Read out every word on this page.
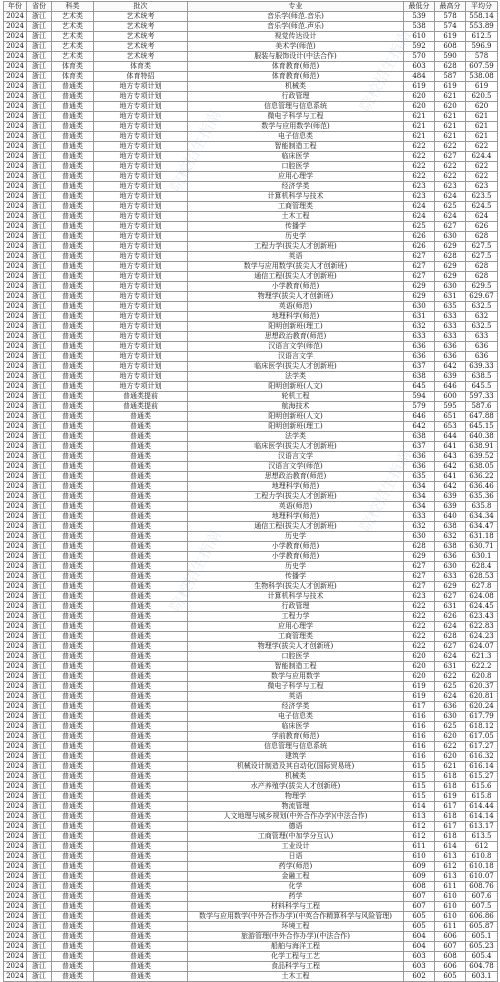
院校招生指南
院校招生指南
院校招生指南
院校招生指南
年份	省份	科类	批次	专业	最低分	最高分	平均分
2024	浙江	艺术类	艺术统考	音乐学(师范.音乐)	539	578	558.14
2024	浙江	艺术类	艺术统考	音乐学(师范.声乐)	538	574	553.89
2024	浙江	艺术类	艺术统考	视觉传达设计	610	619	612.5
2024	浙江	艺术类	艺术统考	美术学(师范)	592	608	596.9
2024	浙江	艺术类	艺术统考	服装与服饰设计(中法合作)	570	590	578
2024	浙江	体育类	体育类	体育教育(师范)	603	628	607.59
2024	浙江	体育类	体育特招	体育教育(师范)	484	587	538.08
2024	浙江	普通类	地方专项计划	机械类	619	619	619
2024	浙江	普通类	地方专项计划	行政管理	620	621	620.5
2024	浙江	普通类	地方专项计划	信息管理与信息系统	620	620	620
2024	浙江	普通类	地方专项计划	微电子科学与工程	621	621	621
2024	浙江	普通类	地方专项计划	数学与应用数学(师范)	621	621	621
2024	浙江	普通类	地方专项计划	电子信息类	621	621	621
2024	浙江	普通类	地方专项计划	智能制造工程	622	622	622
2024	浙江	普通类	地方专项计划	临床医学	622	627	624.4
2024	浙江	普通类	地方专项计划	口腔医学	622	622	622
2024	浙江	普通类	地方专项计划	应用心理学	622	622	622
2024	浙江	普通类	地方专项计划	经济学类	623	623	623
2024	浙江	普通类	地方专项计划	计算机科学与技术	623	624	623.5
2024	浙江	普通类	地方专项计划	工商管理类	624	625	624.5
2024	浙江	普通类	地方专项计划	土木工程	624	624	624
2024	浙江	普通类	地方专项计划	传播学	625	627	626
2024	浙江	普通类	地方专项计划	历史学	626	630	628
2024	浙江	普通类	地方专项计划	工程力学(拔尖人才创新班)	626	629	627.5
2024	浙江	普通类	地方专项计划	英语	627	628	627.5
2024	浙江	普通类	地方专项计划	数学与应用数学(拔尖人才创新班)	627	629	628
2024	浙江	普通类	地方专项计划	通信工程(拔尖人才创新班)	627	629	628
2024	浙江	普通类	地方专项计划	小学教育(师范)	629	630	629.5
2024	浙江	普通类	地方专项计划	物理学(拔尖人才创新班)	629	631	629.67
2024	浙江	普通类	地方专项计划	英语(师范)	630	635	632.5
2024	浙江	普通类	地方专项计划	地理科学(师范)	631	633	632
2024	浙江	普通类	地方专项计划	阳明创新班(理工)	632	633	632.5
2024	浙江	普通类	地方专项计划	思想政治教育(师范)	633	633	633
2024	浙江	普通类	地方专项计划	汉语言文学(师范)	636	636	636
2024	浙江	普通类	地方专项计划	汉语言文学	636	636	636
2024	浙江	普通类	地方专项计划	临床医学(拔尖人才创新班)	637	642	639.33
2024	浙江	普通类	地方专项计划	法学类	638	639	638.5
2024	浙江	普通类	地方专项计划	阳明创新班(人文)	645	646	645.5
2024	浙江	普通类	普通类提前	轮机工程	594	600	597.33
2024	浙江	普通类	普通类提前	航海技术	579	595	587.6
2024	浙江	普通类	普通类	阳明创新班(人文)	646	651	647.88
2024	浙江	普通类	普通类	阳明创新班(理工)	642	653	645.15
2024	浙江	普通类	普通类	法学类	638	644	640.38
2024	浙江	普通类	普通类	临床医学(拔尖人才创新班)	637	641	638.91
2024	浙江	普通类	普通类	汉语言文学	636	643	639.52
2024	浙江	普通类	普通类	汉语言文学(师范)	636	642	638.05
2024	浙江	普通类	普通类	思想政治教育(师范)	635	641	636.22
2024	浙江	普通类	普通类	地理科学(师范)	634	642	636.46
2024	浙江	普通类	普通类	工程力学(拔尖人才创新班)	634	639	635.36
2024	浙江	普通类	普通类	英语(师范)	634	639	635.8
2024	浙江	普通类	普通类	地理科学(师范)	633	640	634.34
2024	浙江	普通类	普通类	通信工程(拔尖人才创新班)	632	638	634.47
2024	浙江	普通类	普通类	历史学	630	632	631.18
2024	浙江	普通类	普通类	小学教育(师范)	628	638	630.71
2024	浙江	普通类	普通类	小学教育(师范)	629	636	630.1
2024	浙江	普通类	普通类	历史学	627	630	628.4
2024	浙江	普通类	普通类	传播学	627	633	628.53
2024	浙江	普通类	普通类	生物科学(拔尖人才创新班)	627	629	627.8
2024	浙江	普通类	普通类	计算机科学与技术	623	627	624.08
2024	浙江	普通类	普通类	行政管理	622	631	624.45
2024	浙江	普通类	普通类	工程力学	622	626	623.43
2024	浙江	普通类	普通类	应用心理学	622	624	622.83
2024	浙江	普通类	普通类	工商管理类	622	628	624.23
2024	浙江	普通类	普通类	物理学(拔尖人才创新班)	622	627	624.07
2024	浙江	普通类	普通类	口腔医学	620	624	621.3
2024	浙江	普通类	普通类	智能制造工程	620	631	622.2
2024	浙江	普通类	普通类	数学与应用数学	620	622	620.8
2024	浙江	普通类	普通类	微电子科学与工程	619	625	620.37
2024	浙江	普通类	普通类	英语	619	624	620.81
2024	浙江	普通类	普通类	经济学类	617	636	620.24
2024	浙江	普通类	普通类	电子信息类	616	630	617.79
2024	浙江	普通类	普通类	临床医学	616	625	618.12
2024	浙江	普通类	普通类	学前教育(师范)	616	620	617.05
2024	浙江	普通类	普通类	信息管理与信息系统	616	622	617.27
2024	浙江	普通类	普通类	建筑学	616	620	616.32
2024	浙江	普通类	普通类	机械设计制造及其自动化(国际贸易班)	615	621	616.14
2024	浙江	普通类	普通类	机械类	615	618	615.27
2024	浙江	普通类	普通类	水产养殖学(拔尖人才创新班)	615	618	615.6
2024	浙江	普通类	普通类	物理学	615	619	615.8
2024	浙江	普通类	普通类	物流管理	614	617	614.44
2024	浙江	普通类	普通类	人文地理与城乡规划(中外合作办学)(中法合作)	613	618	614.14
2024	浙江	普通类	普通类	德语	612	617	613.17
2024	浙江	普通类	普通类	工商管理(中加学分互认)	612	618	613.5
2024	浙江	普通类	普通类	工业设计	611	614	612
2024	浙江	普通类	普通类	日语	610	613	610.8
2024	浙江	普通类	普通类	药学(师范)	609	612	610.18
2024	浙江	普通类	普通类	金融工程	609	613	610.07
2024	浙江	普通类	普通类	化学	608	611	608.76
2024	浙江	普通类	普通类	药学	607	610	607.6
2024	浙江	普通类	普通类	材料科学与工程	607	610	607.5
2024	浙江	普通类	普通类	数学与应用数学(中外合作办学)(中英合作精算科学与风险管理)	605	610	606.86
2024	浙江	普通类	普通类	环境工程	605	611	605.87
2024	浙江	普通类	普通类	旅游管理(中外合作办学)(中法合作)	604	606	605.1
2024	浙江	普通类	普通类	船舶与海洋工程	604	607	605.23
2024	浙江	普通类	普通类	化学工程与工艺	603	608	605.4
2024	浙江	普通类	普通类	食品科学与工程	603	606	604.78
2024	浙江	普通类	普通类	土木工程	602	605	603.1
